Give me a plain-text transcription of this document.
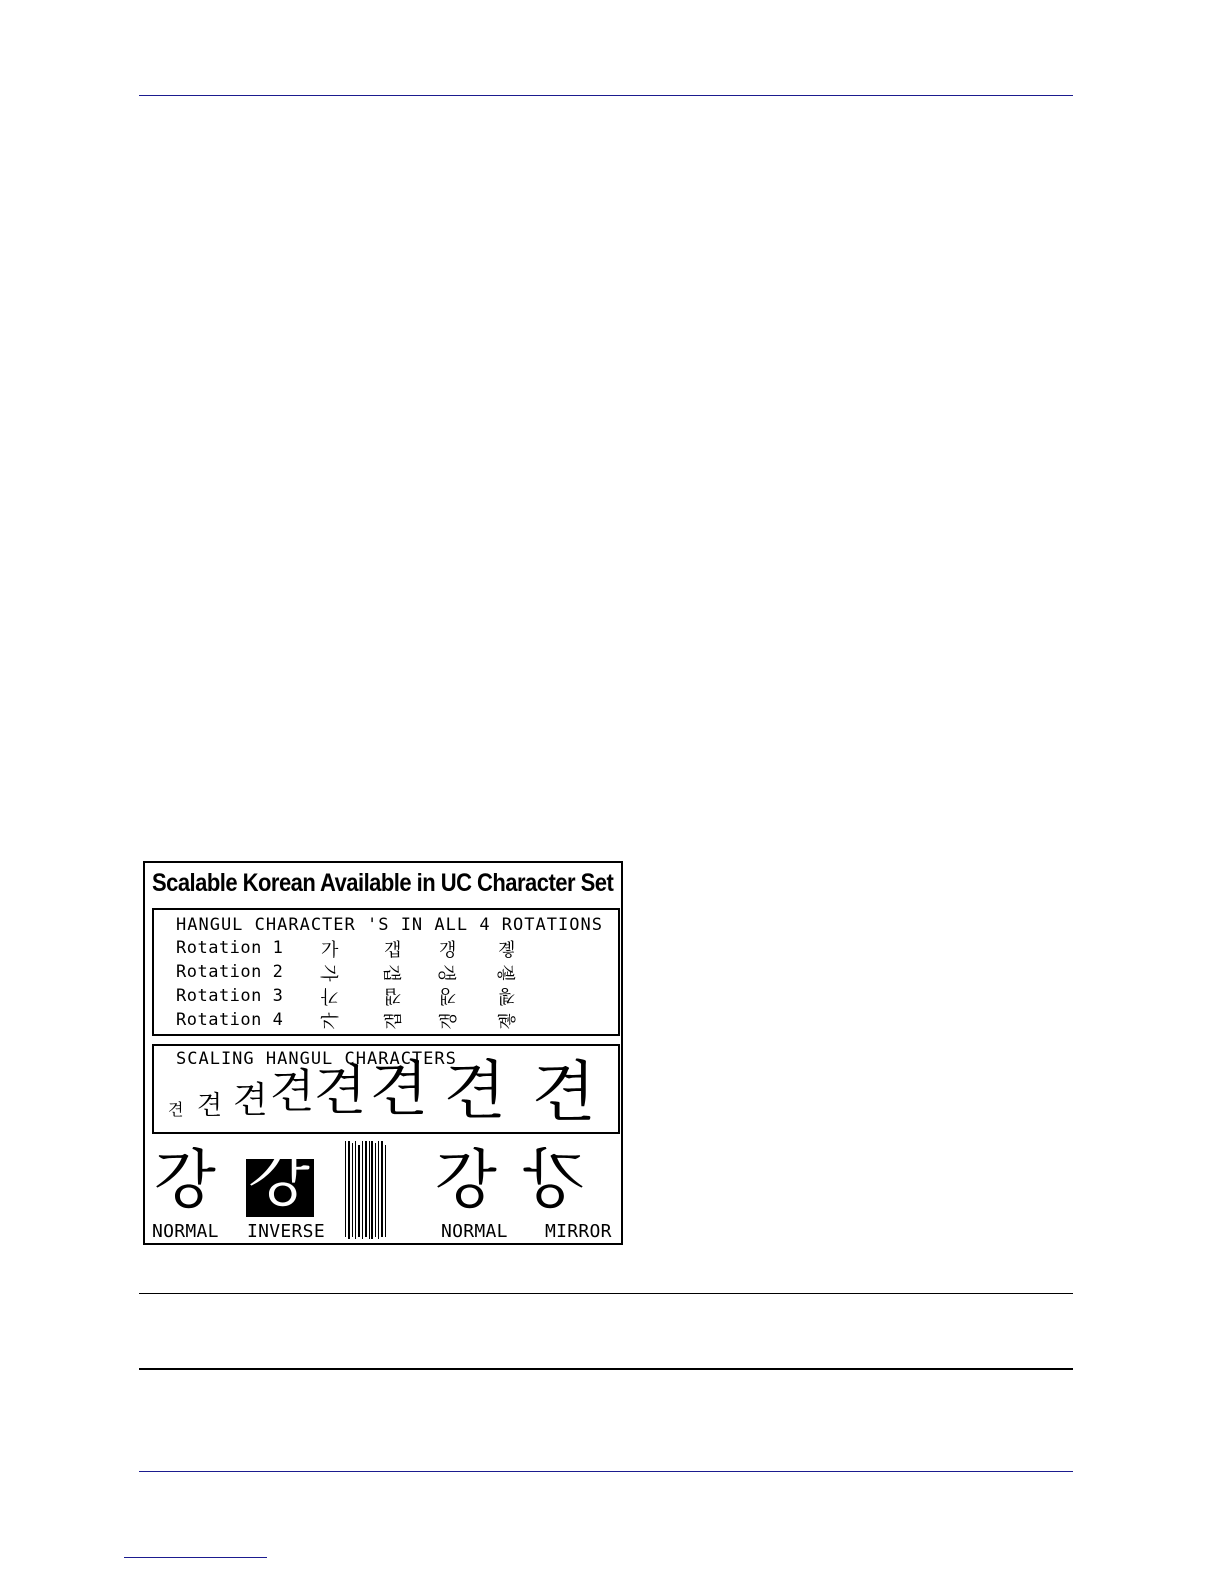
Scalable Korean Available in UC Character Set
HANGUL CHARACTER 'S IN ALL 4 ROTATIONS
Rotation 1 가	갭 갱 곟
Rotation 2 가 갭 갱 곟
Rotation 3 가	갭 갱 곟
Rotation 4 가 갭 갱 곟
SCALING HANGUL CHARACTERS
견 견 견 견 견 견 견 견
강 강 강 강
NORMAL INVERSE	NORMAL MIRROR
